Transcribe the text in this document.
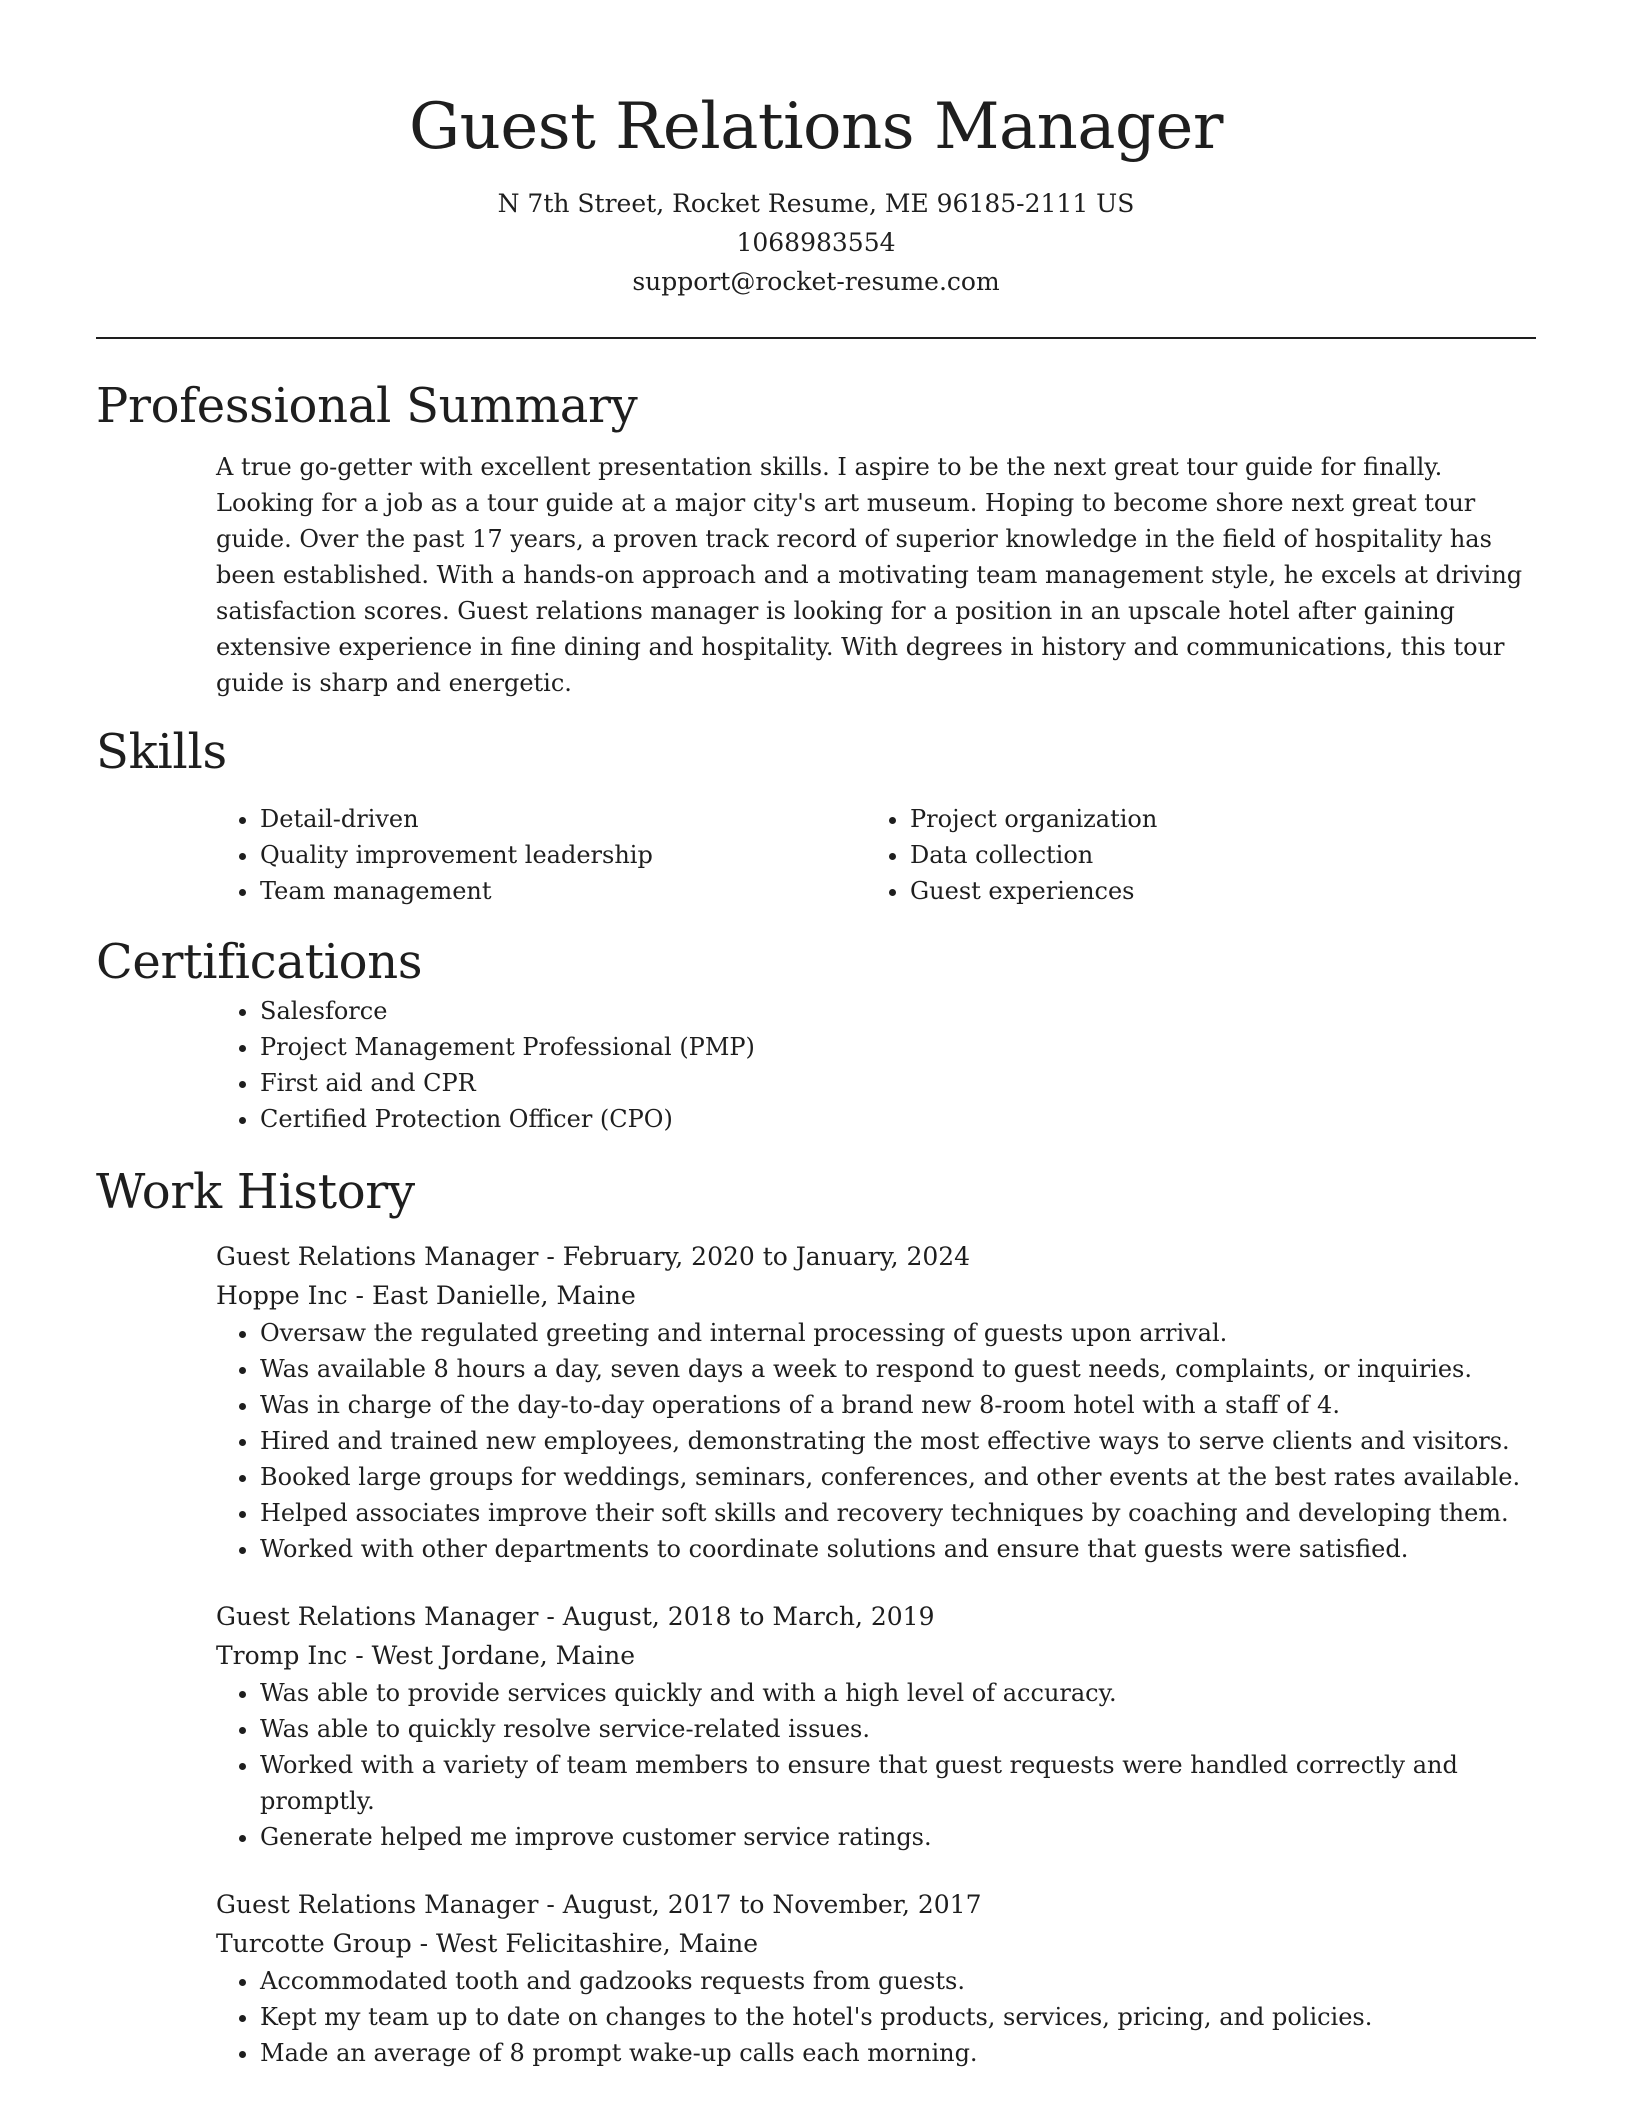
Guest Relations Manager
N 7th Street, Rocket Resume, ME 96185-2111 US
1068983554
support@rocket-resume.com
Professional Summary

A true go-getter with excellent presentation skills. I aspire to be the next great tour guide for finally. Looking for a job as a tour guide at a major city's art museum. Hoping to become shore next great tour guide. Over the past 17 years, a proven track record of superior knowledge in the field of hospitality has been established. With a hands-on approach and a motivating team management style, he excels at driving satisfaction scores. Guest relations manager is looking for a position in an upscale hotel after gaining extensive experience in fine dining and hospitality. With degrees in history and communications, this tour guide is sharp and energetic.

Skills
• Detail-driven
• Quality improvement leadership
• Team management
• Project organization
• Data collection
• Guest experiences
Certifications
• Salesforce
• Project Management Professional (PMP)
• First aid and CPR
• Certified Protection Officer (CPO)
Work History
Guest Relations Manager - February, 2020 to January, 2024
Hoppe Inc - East Danielle, Maine
• Oversaw the regulated greeting and internal processing of guests upon arrival.
• Was available 8 hours a day, seven days a week to respond to guest needs, complaints, or inquiries.
• Was in charge of the day-to-day operations of a brand new 8-room hotel with a staff of 4.
• Hired and trained new employees, demonstrating the most effective ways to serve clients and visitors.
• Booked large groups for weddings, seminars, conferences, and other events at the best rates available.
• Helped associates improve their soft skills and recovery techniques by coaching and developing them.
• Worked with other departments to coordinate solutions and ensure that guests were satisfied.
Guest Relations Manager - August, 2018 to March, 2019
Tromp Inc - West Jordane, Maine
• Was able to provide services quickly and with a high level of accuracy.
• Was able to quickly resolve service-related issues.
• Worked with a variety of team members to ensure that guest requests were handled correctly and promptly.
• Generate helped me improve customer service ratings.
Guest Relations Manager - August, 2017 to November, 2017
Turcotte Group - West Felicitashire, Maine
• Accommodated tooth and gadzooks requests from guests.
• Kept my team up to date on changes to the hotel's products, services, pricing, and policies.
• Made an average of 8 prompt wake-up calls each morning.
